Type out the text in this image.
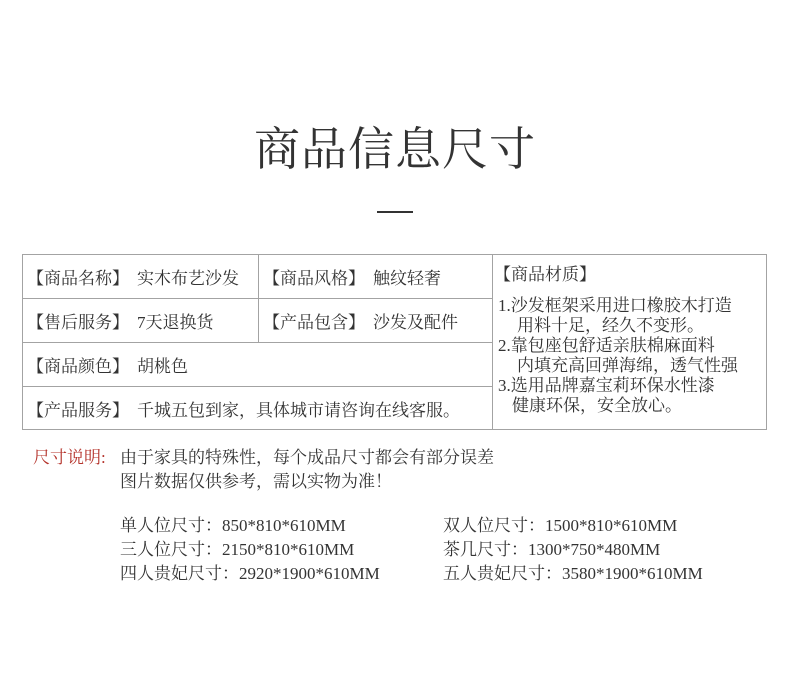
商品信息尺寸
【商品名称】 实木布艺沙发 【商品风格】 触纹轻奢	【商品材质】
1.沙发框架采用进口橡胶木打造
用料十足，经久不变形。
2.靠包座包舒适亲肤棉麻面料
内填充高回弹海绵，透气性强
3.选用品牌嘉宝莉环保水性漆
健康环保，安全放心。
【售后服务】 7天退换货	【产品包含】 沙发及配件
【商品颜色】 胡桃色
【产品服务】 千城五包到家，具体城市请咨询在线客服。
尺寸说明: 由于家具的特殊性，每个成品尺寸都会有部分误差
图片数据仅供参考，需以实物为准！
单人位尺寸：850*810*610MM	双人位尺寸：1500*810*610MM
三人位尺寸：2150*810*610MM	茶几尺寸：1300*750*480MM
四人贵妃尺寸：2920*1900*610MM	五人贵妃尺寸：3580*1900*610MM
